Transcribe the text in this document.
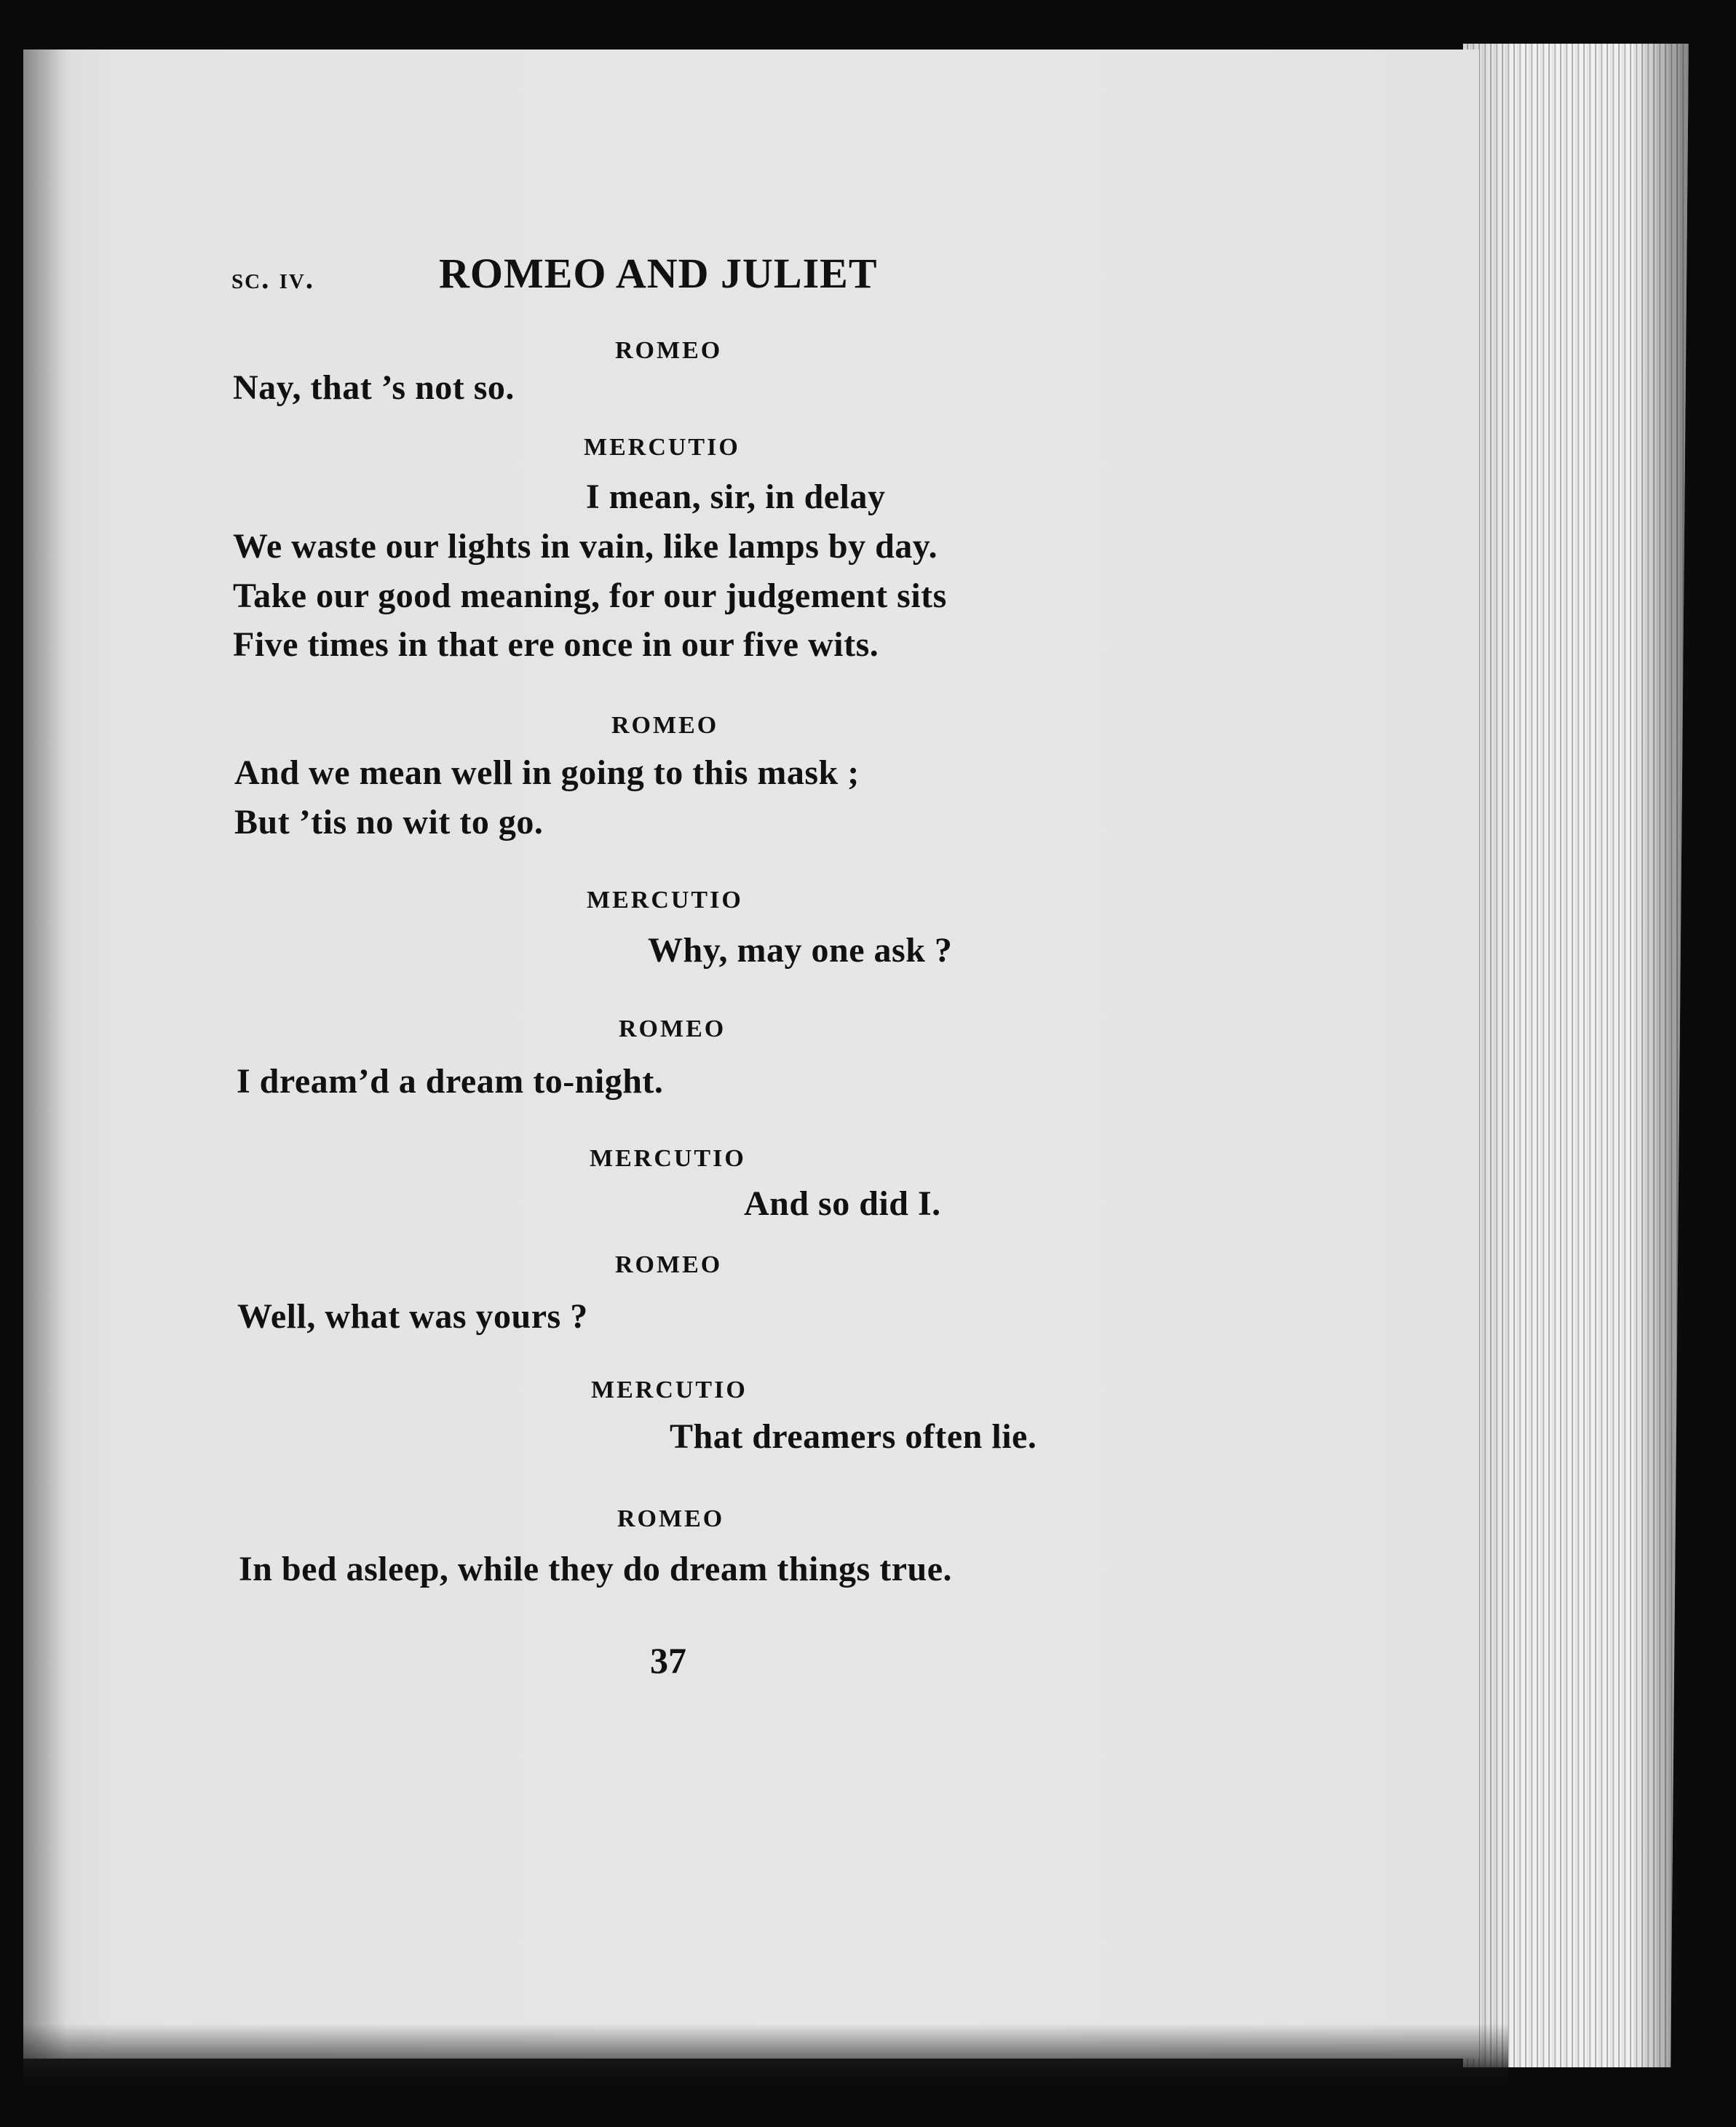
sc. iv.	ROMEO AND JULIET
ROMEO
Nay, that ’s not so.
MERCUTIO
I mean, sir, in delay
We waste our lights in vain, like lamps by day.
Take our good meaning, for our judgement sits
Five times in that ere once in our five wits.
ROMEO
And we mean well in going to this mask ;
But ’tis no wit to go.
MERCUTIO
Why, may one ask ?
ROMEO
I dream’d a dream to-night.
MERCUTIO
And so did I.
ROMEO
Well, what was yours ?
MERCUTIO
That dreamers often lie.
ROMEO
In bed asleep, while they do dream things true.
37
